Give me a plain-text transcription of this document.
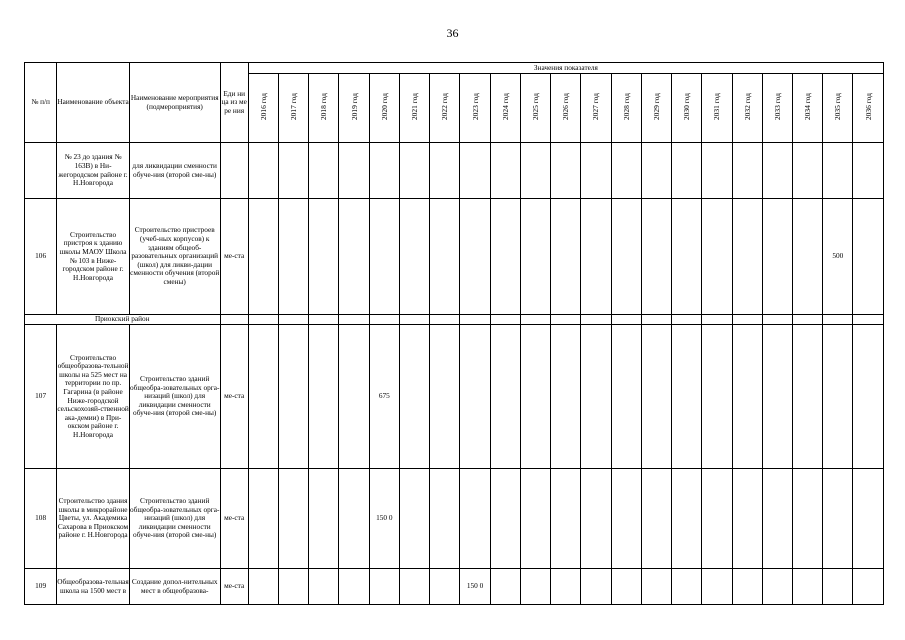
36
№ п/п	Наименование объекта	Наименование мероприятия (подмероприятия)	Еди ни ца из ме ре ния	Значения показателя																				
				2016 год	2017 год	2018 год	2019 год	2020 год	2021 год	2022 год	2023 год	2024 год	2025 год	2026 год	2027 год	2028 год	2029 год	2030 год	2031 год	2032 год	2033 год	2034 год	2035 год	2036 год
	№ 23 до здания № 163В) в Ни-жегородском районе г. Н.Новгорода	для ликвидации сменности обуче-ния (второй сме-ны)																						
106	Строительство пристроя к зданию школы МАОУ Школа № 103 в Ниже-городском районе г. Н.Новгорода	Строительство пристроев (учеб-ных корпусов) к зданиям общеоб-разовательных организаций (школ) для ликви-дации сменности обучения (второй смены)	ме-ста																				500	
Приокский район																								
107	Строительство общеобразова-тельной школы на 525 мест на территории по пр. Гагарина (в районе Ниже-городской сельскохозяй-ственной ака-демии) в При-окском районе г. Н.Новгорода	Строительство зданий общеобра-зовательных орга-низаций (школ) для ликвидации сменности обуче-ния (второй сме-ны)	ме-ста					675																
108	Строительство здания школы в микрорайоне Цветы, ул. Академика Сахарова в Приокском районе г. Н.Новгорода	Строительство зданий общеобра-зовательных орга-низаций (школ) для ликвидации сменности обуче-ния (второй сме-ны)	ме-ста					150 0																
109	Общеобразова-тельная школа на 1500 мест в	Создание допол-нительных мест в общеобразова-	ме-ста								150 0													
